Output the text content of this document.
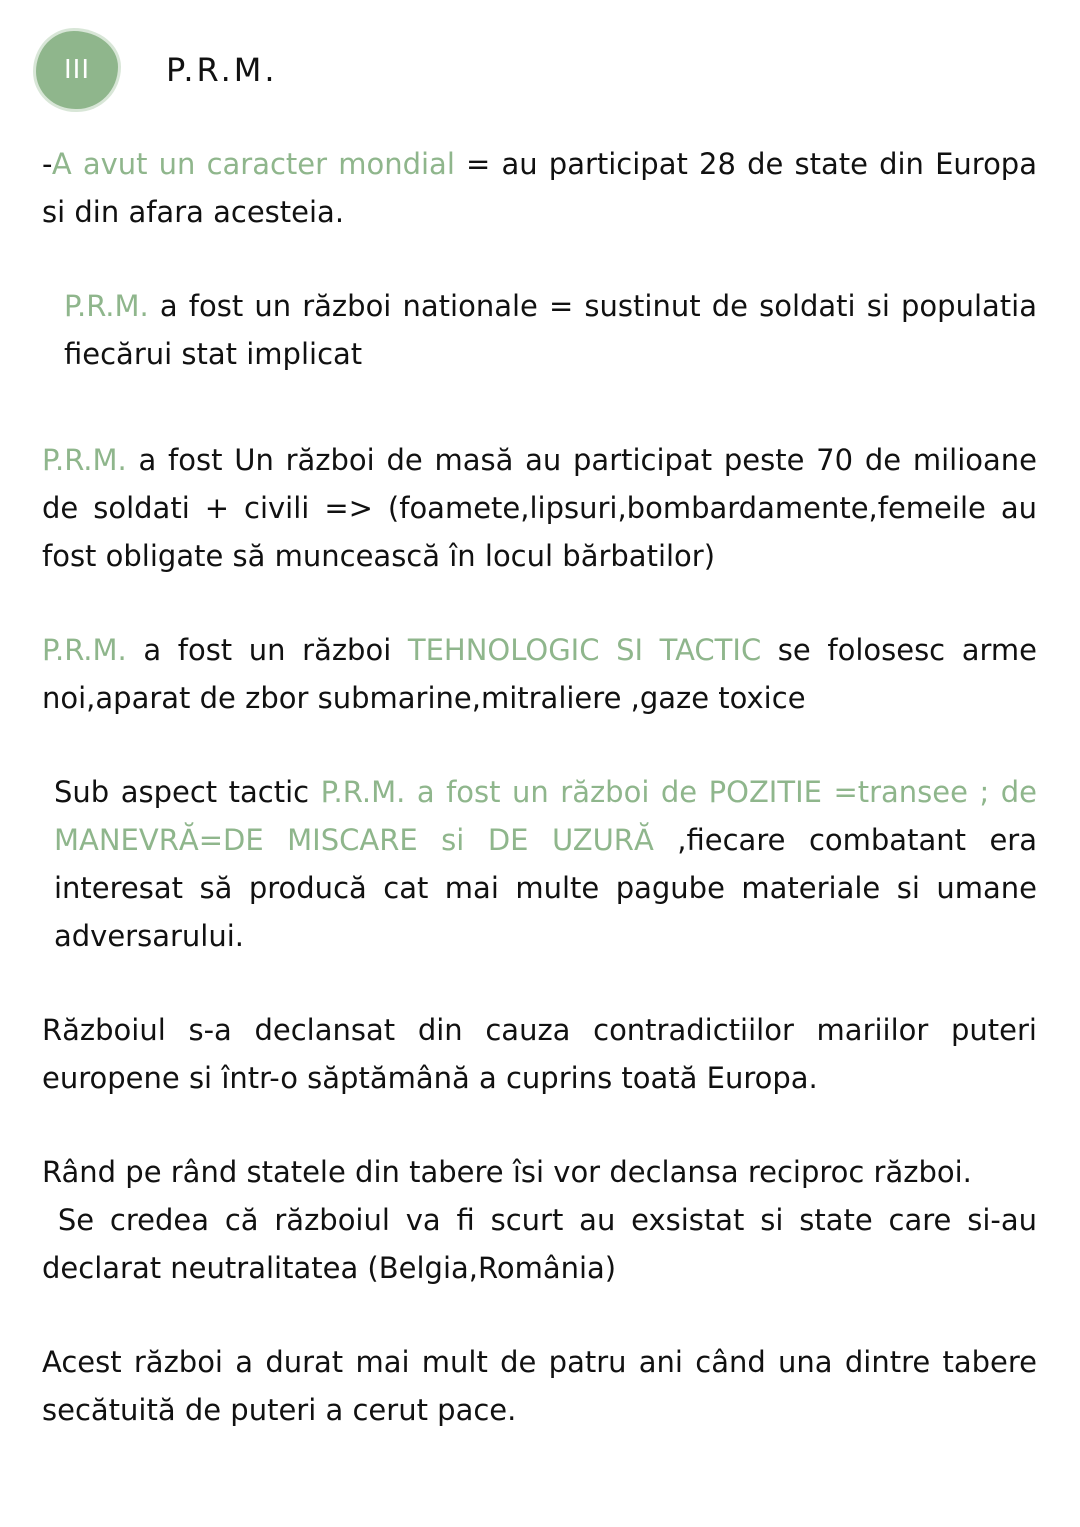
III P.R.M.

-A avut un caracter mondial = au participat 28 de state din Europa si din afara acesteia.

P.R.M. a fost un război nationale = sustinut de soldati si populatia fiecărui stat implicat

P.R.M. a fost Un război de masă au participat peste 70 de milioane de soldati + civili => (foamete,lipsuri,bombardamente,femeile au fost obligate să muncească în locul bărbatilor)

P.R.M. a fost un război TEHNOLOGIC SI TACTIC se folosesc arme noi,aparat de zbor submarine,mitraliere ,gaze toxice

Sub aspect tactic P.R.M. a fost un război de POZITIE =transee ; de MANEVRĂ=DE MISCARE si DE UZURĂ ,fiecare combatant era interesat să producă cat mai multe pagube materiale si umane adversarului.

Războiul s-a declansat din cauza contradictiilor mariilor puteri europene si într-o săptămână a cuprins toată Europa.

Rând pe rând statele din tabere îsi vor declansa reciproc război.
Se credea că războiul va fi scurt au exsistat si state care si-au declarat neutralitatea (Belgia,România)

Acest război a durat mai mult de patru ani când una dintre tabere secătuită de puteri a cerut pace.
